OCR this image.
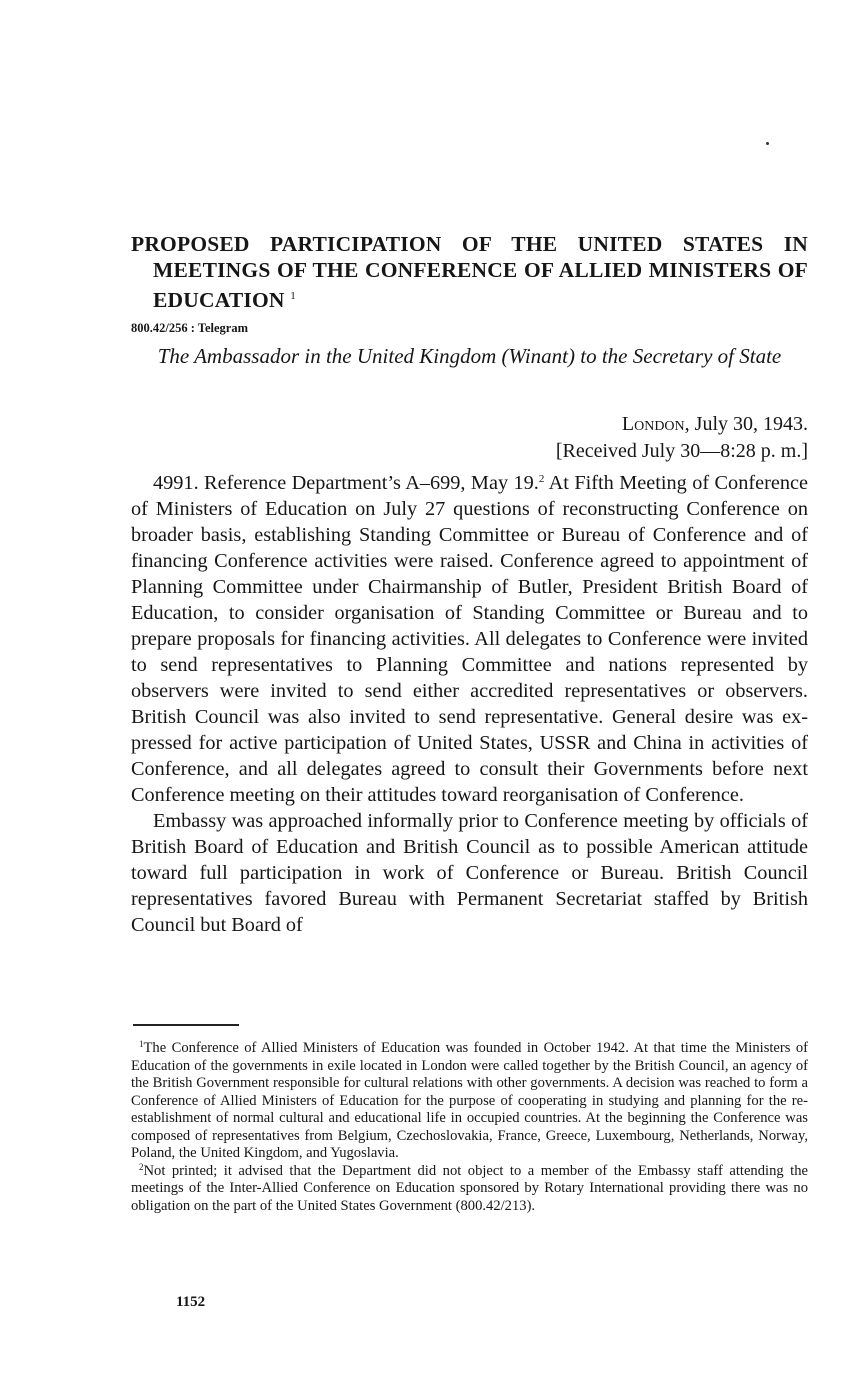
PROPOSED PARTICIPATION OF THE UNITED STATES IN MEETINGS OF THE CONFERENCE OF ALLIED MINISTERS OF EDUCATION $^1$
800.42/256 : Telegram
The Ambassador in the United Kingdom (Winant) to the Secretary of State
London, July 30, 1943.
[Received July 30—8:28 p. m.]

4991. Reference Department’s A–699, May 19.$^2$ At Fifth Meeting of Conference of Ministers of Education on July 27 questions of reconstructing Conference on broader basis, establishing Standing Committee or Bureau of Conference and of financing Conference activities were raised. Conference agreed to appointment of Planning Committee under Chairmanship of Butler, President British Board of Education, to consider organisation of Standing Committee or Bureau and to prepare proposals for financing activities. All delegates to Conference were invited to send representatives to Planning Committee and nations represented by observers were invited to send either accredited representatives or observers. British Council was also invited to send representative. General desire was expressed for active participation of United States, USSR and China in activities of Conference, and all delegates agreed to consult their Governments before next Conference meeting on their attitudes toward reorganisation of Conference.

Embassy was approached informally prior to Conference meeting by officials of British Board of Education and British Council as to possible American attitude toward full participation in work of Conference or Bureau. British Council representatives favored Bureau with Permanent Secretariat staffed by British Council but Board of

$^1$The Conference of Allied Ministers of Education was founded in October 1942. At that time the Ministers of Education of the governments in exile located in London were called together by the British Council, an agency of the British Government responsible for cultural relations with other governments. A decision was reached to form a Conference of Allied Ministers of Education for the purpose of cooperating in studying and planning for the re-establishment of normal cultural and educational life in occupied countries. At the beginning the Conference was composed of representatives from Belgium, Czechoslovakia, France, Greece, Luxembourg, Netherlands, Norway, Poland, the United Kingdom, and Yugoslavia.

$^2$Not printed; it advised that the Department did not object to a member of the Embassy staff attending the meetings of the Inter-Allied Conference on Education sponsored by Rotary International providing there was no obligation on the part of the United States Government (800.42/213).

1152
